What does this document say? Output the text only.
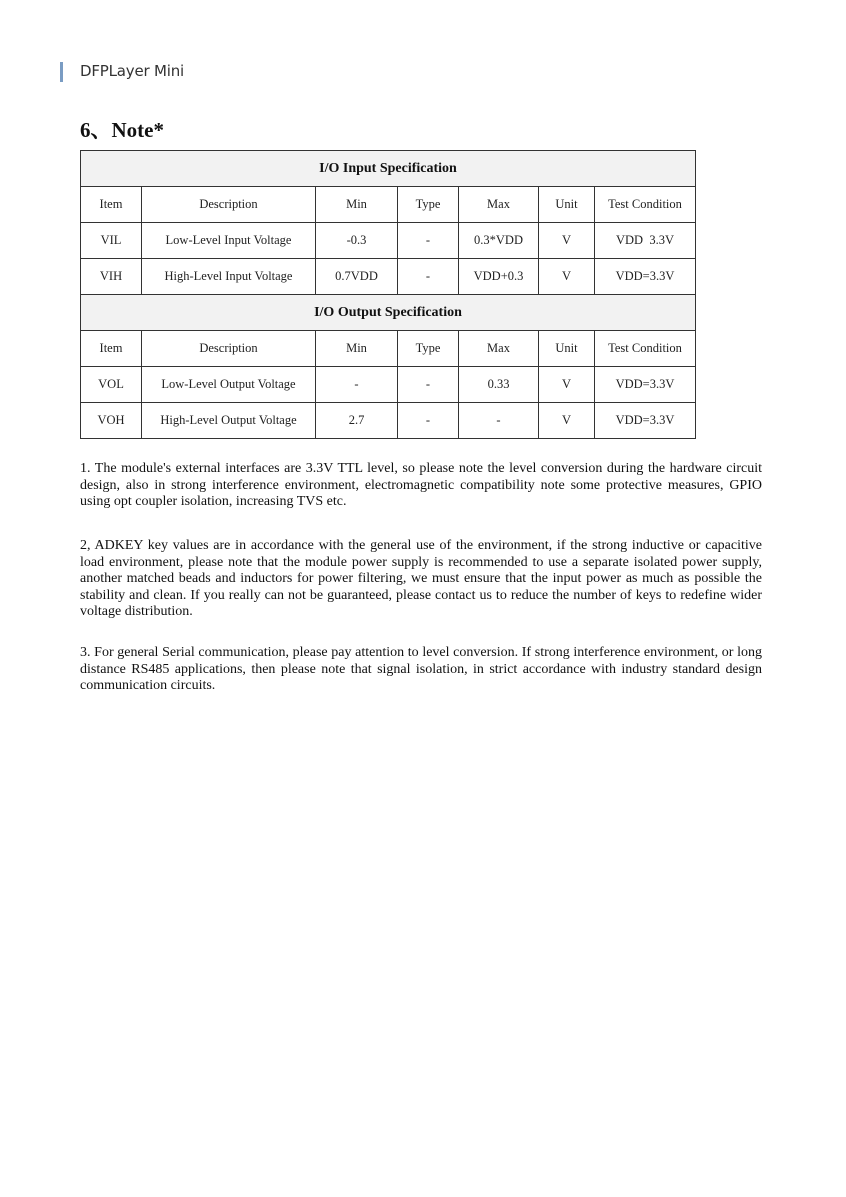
DFPLayer Mini
6、Note*
I/O Input Specification						
Item	Description	Min	Type	Max	Unit	Test Condition
VIL	Low-Level Input Voltage	-0.3	-	0.3*VDD	V	VDD  3.3V
VIH	High-Level Input Voltage	0.7VDD	-	VDD+0.3	V	VDD=3.3V
I/O Output Specification						
Item	Description	Min	Type	Max	Unit	Test Condition
VOL	Low-Level Output Voltage	-	-	0.33	V	VDD=3.3V
VOH	High-Level Output Voltage	2.7	-	-	V	VDD=3.3V

1. The module's external interfaces are 3.3V TTL level, so please note the level conversion during the hardware circuit design, also in strong interference environment, electromagnetic compatibility note some protective measures, GPIO using opt coupler isolation, increasing TVS etc.

2, ADKEY key values are in accordance with the general use of the environment, if the strong inductive or capacitive load environment, please note that the module power supply is recommended to use a separate isolated power supply, another matched beads and inductors for power filtering, we must ensure that the input power as much as possible the stability and clean. If you really can not be guaranteed, please contact us to reduce the number of keys to redefine wider voltage distribution.

3. For general Serial communication, please pay attention to level conversion. If strong interference environment, or long distance RS485 applications, then please note that signal isolation, in strict accordance with industry standard design communication circuits.
